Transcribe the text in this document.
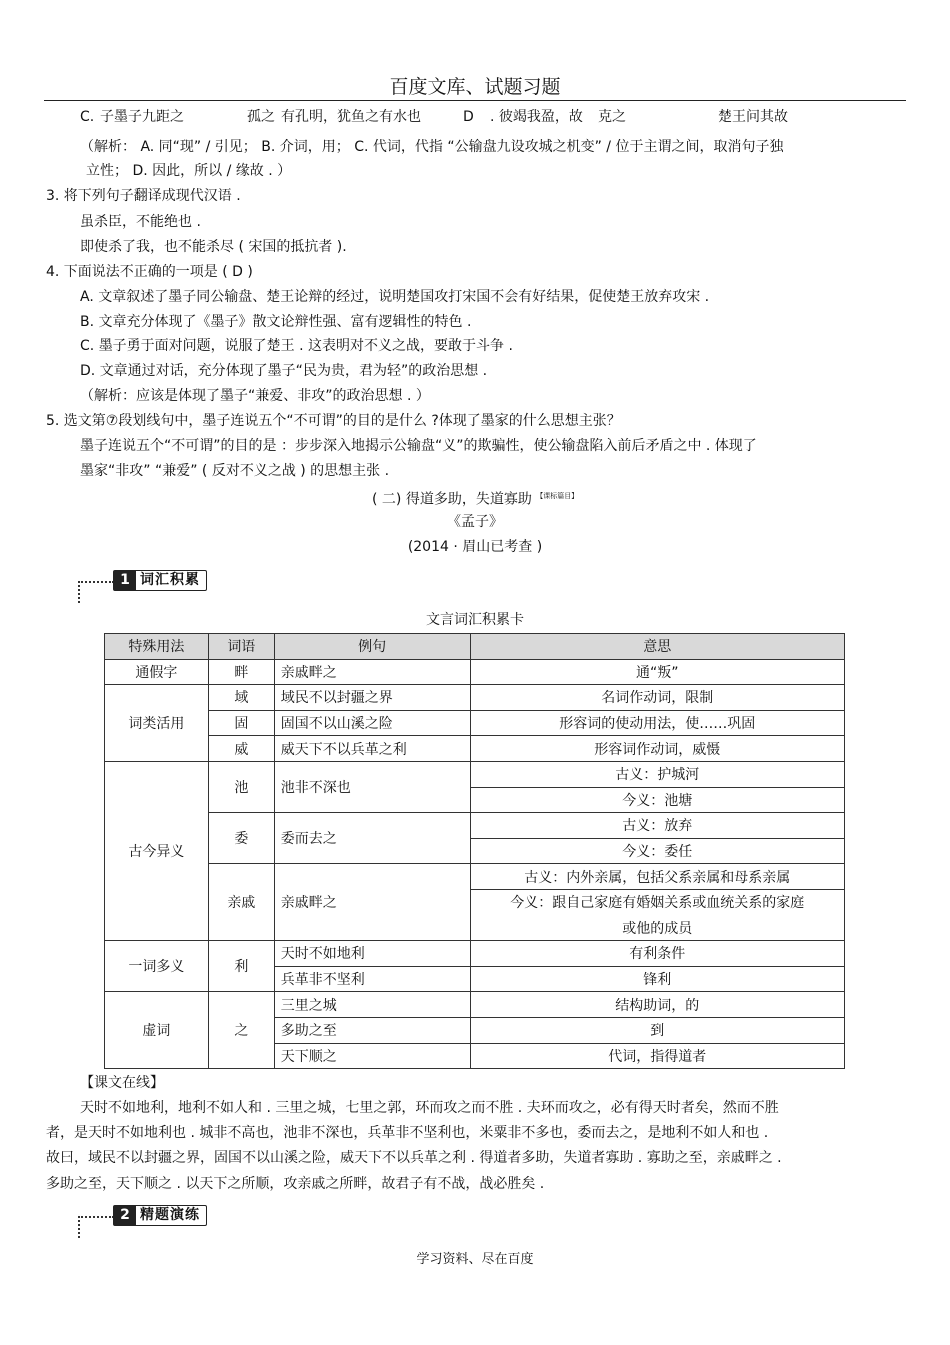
百度文库、试题习题
C. 子墨子九距之	孤之 有孔明，犹鱼之有水也	D . 彼竭我盈，故 克之	楚王问其故
（解析： A. 同“现” / 引见； B. 介词，用； C. 代词，代指 “公输盘九设攻城之机变” / 位于主谓之间，取消句子独
立性； D. 因此，所以 / 缘故 . ）
3. 将下列句子翻译成现代汉语 .
虽杀臣，不能绝也 .
即使杀了我，也不能杀尽 ( 宋国的抵抗者 ).
4. 下面说法不正确的一项是 ( D )
A. 文章叙述了墨子同公输盘、楚王论辩的经过，说明楚国攻打宋国不会有好结果，促使楚王放弃攻宋 .
B. 文章充分体现了《墨子》散文论辩性强、富有逻辑性的特色 .
C. 墨子勇于面对问题，说服了楚王 . 这表明对不义之战，要敢于斗争 .
D. 文章通过对话，充分体现了墨子“民为贵，君为轻”的政治思想 .
（解析：应该是体现了墨子“兼爱、非攻”的政治思想 . ）
5. 选文第⑦段划线句中，墨子连说五个“不可谓”的目的是什么 ?体现了墨家的什么思想主张？
墨子连说五个“不可谓”的目的是 ：步步深入地揭示公输盘“义”的欺骗性，使公输盘陷入前后矛盾之中 . 体现了
墨家“非攻” “兼爱” ( 反对不义之战 ) 的思想主张 .
( 二) 得道多助，失道寡助 $^{【课标篇目】}$
《孟子》
(2014 · 眉山已考查 )
1 词汇积累
文言词汇积累卡
特殊用法	词语	例句	意思
通假字	畔	亲戚畔之	通“叛”
词类活用	域	域民不以封疆之界	名词作动词，限制
	固	固国不以山溪之险	形容词的使动用法，使……巩固
	威	威天下不以兵革之利	形容词作动词，威慑
古今异义	池	池非不深也	古义：护城河
			今义：池塘
	委	委而去之	古义：放弃
			今义：委任
	亲戚	亲戚畔之	古义：内外亲属，包括父系亲属和母系亲属
			今义：跟自己家庭有婚姻关系或血统关系的家庭
			或他的成员
一词多义	利	天时不如地利	有利条件
		兵革非不坚利	锋利
虚词	之	三里之城	结构助词，的
		多助之至	到
		天下顺之	代词，指得道者
【课文在线】
天时不如地利，地利不如人和 . 三里之城，七里之郭，环而攻之而不胜 . 夫环而攻之，必有得天时者矣，然而不胜
者，是天时不如地利也 . 城非不高也，池非不深也，兵革非不坚利也，米粟非不多也，委而去之，是地利不如人和也 .
故曰，域民不以封疆之界，固国不以山溪之险，威天下不以兵革之利 . 得道者多助，失道者寡助 . 寡助之至，亲戚畔之 .
多助之至，天下顺之 . 以天下之所顺，攻亲戚之所畔，故君子有不战，战必胜矣 .
2 精题演练
学习资料、尽在百度
